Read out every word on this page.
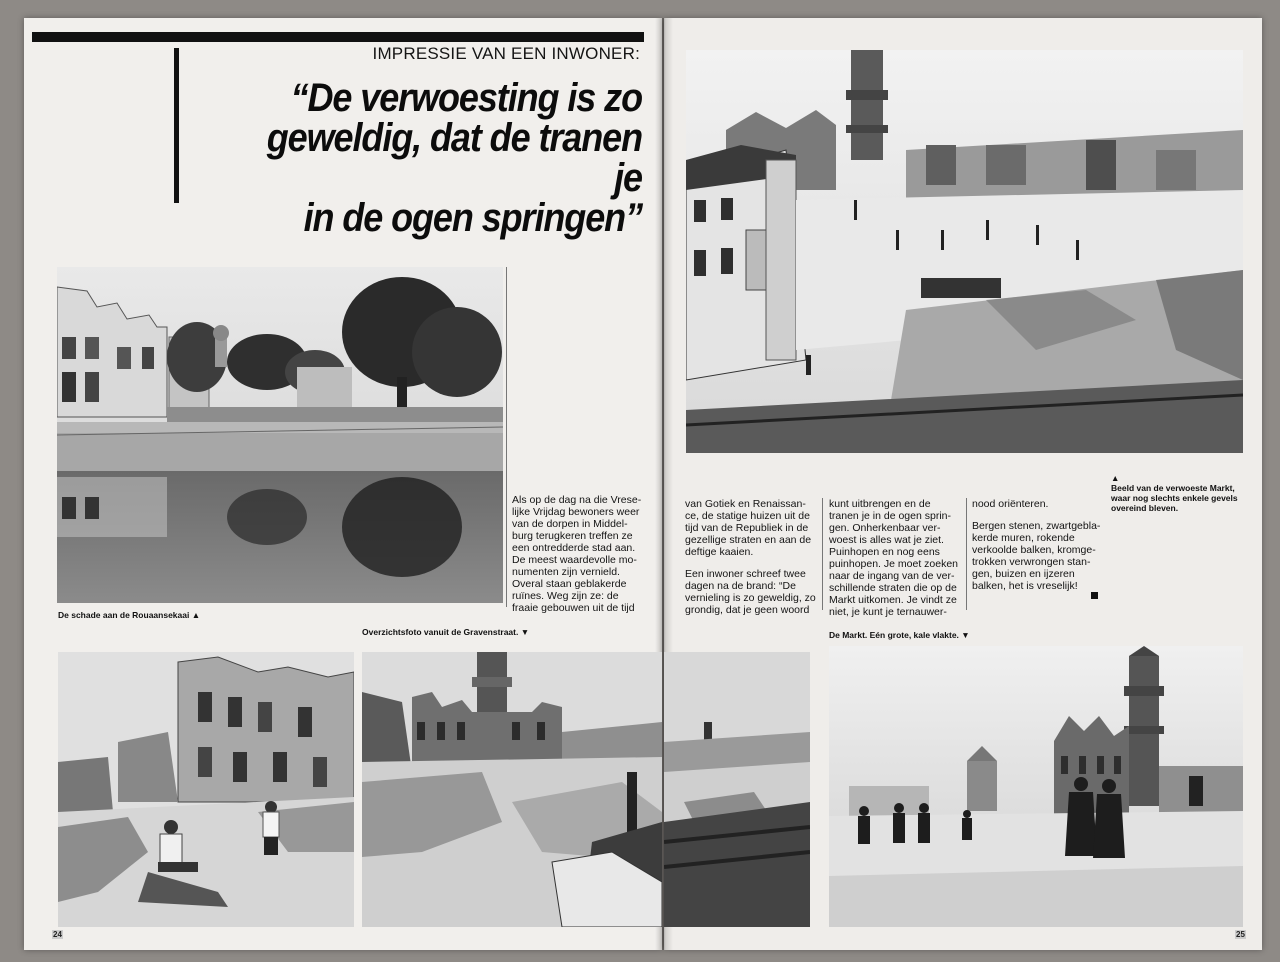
IMPRESSIE VAN EEN INWONER:
“De verwoesting is zo
geweldig, dat de tranen je
in de ogen springen”
De schade aan de Rouaansekaai ▲
Als op de dag na die Vrese-
lijke Vrijdag bewoners weer
van de dorpen in Middel-
burg terugkeren treffen ze
een ontredderde stad aan.
De meest waardevolle mo-
numenten zijn vernield.
Overal staan geblakerde
ruïnes. Weg zijn ze: de
fraaie gebouwen uit de tijd
Overzichtsfoto vanuit de Gravenstraat. ▼
24
▲
Beeld van de verwoeste Markt,
waar nog slechts enkele gevels
overeind bleven.

van Gotiek en Renaissan-
ce, de statige huizen uit de
tijd van de Republiek in de
gezellige straten en aan de
deftige kaaien.

Een inwoner schreef twee
dagen na de brand: “De
vernieling is zo geweldig, zo
grondig, dat je geen woord

kunt uitbrengen en de
tranen je in de ogen sprin-
gen. Onherkenbaar ver-
woest is alles wat je ziet.
Puinhopen en nog eens
puinhopen. Je moet zoeken
naar de ingang van de ver-
schillende straten die op de
Markt uitkomen. Je vindt ze
niet, je kunt je ternauwer-

nood oriënteren.

Bergen stenen, zwartgebla-
kerde muren, rokende
verkoolde balken, kromge-
trokken verwrongen stan-
gen, buizen en ijzeren
balken, het is vreselijk!

De Markt. Eén grote, kale vlakte. ▼
25
